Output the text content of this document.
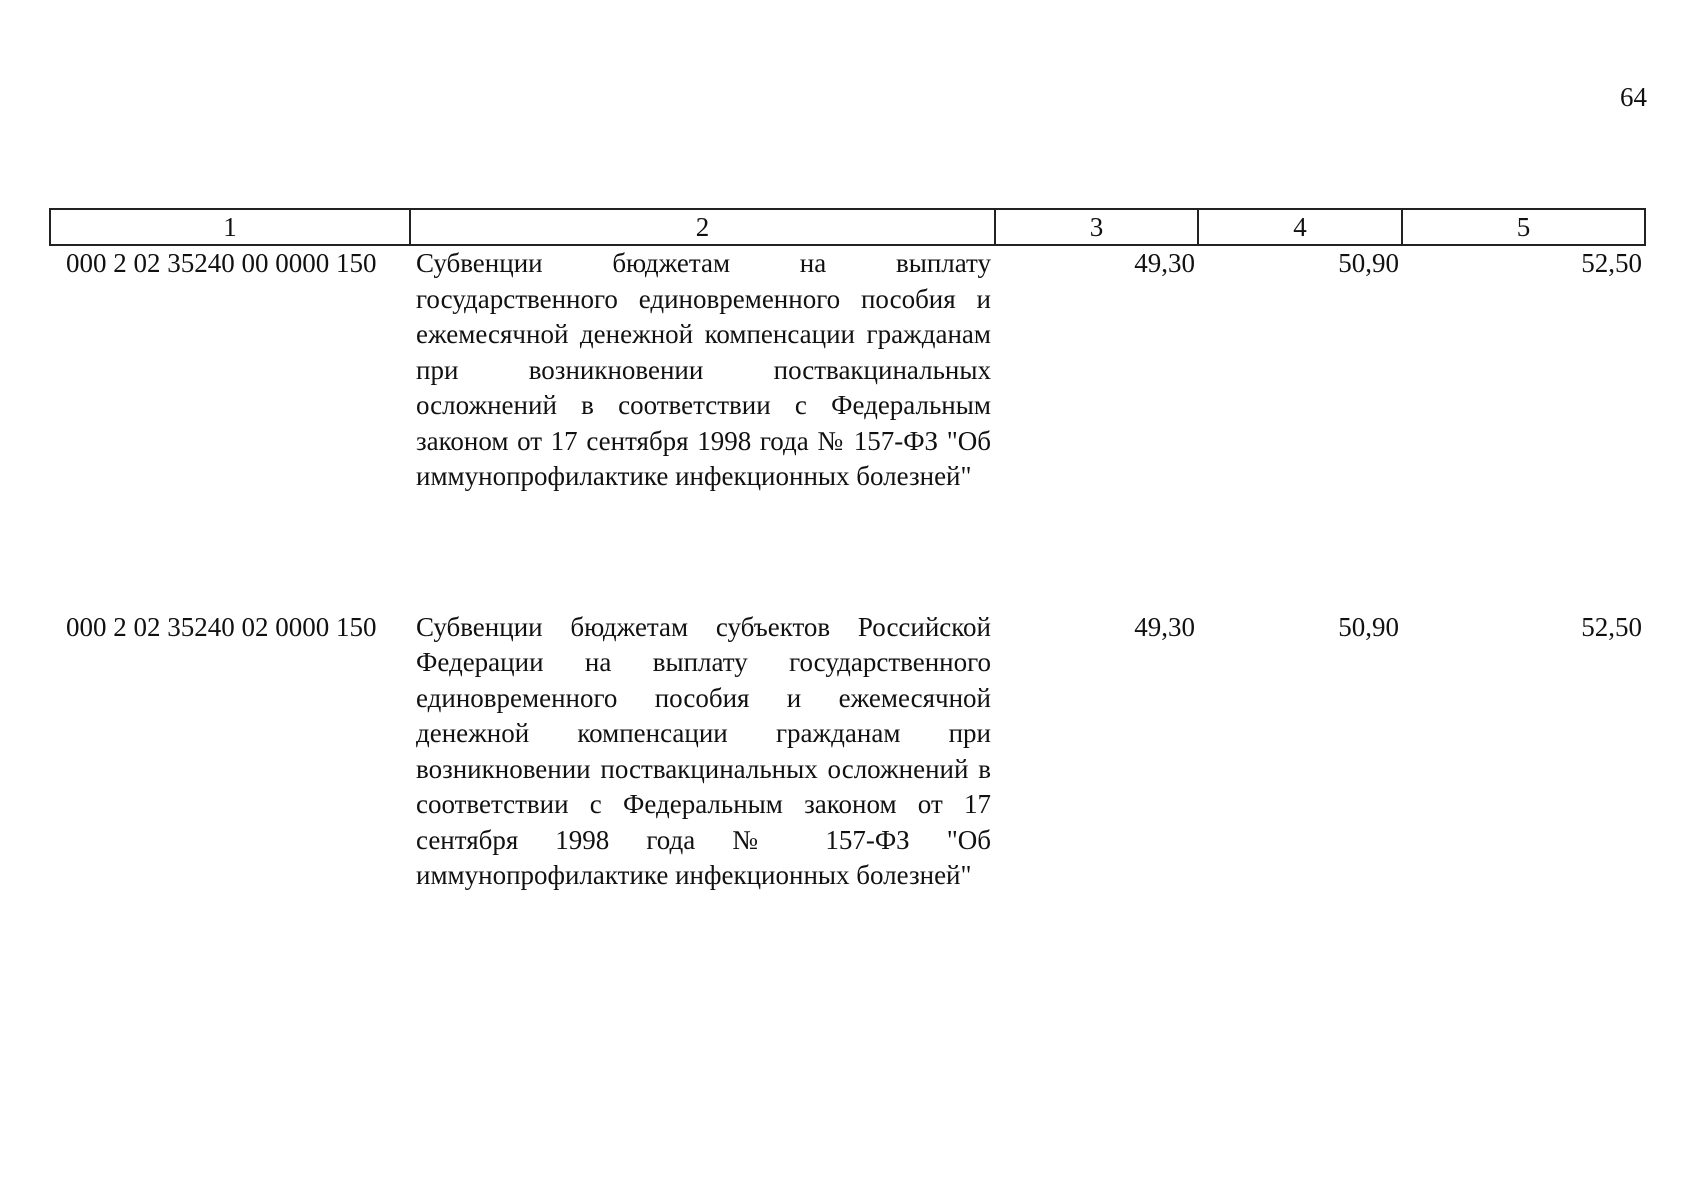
64
1	2	3	4	5
000 2 02 35240 00 0000 150	Субвенции бюджетам на выплату государственного единовременного пособия и ежемесячной денежной компенсации гражданам при возникновении поствакцинальных осложнений в соответствии с Федеральным законом от 17 сентября 1998 года № 157-ФЗ "Об иммунопрофилактике инфекционных болезней"	49,30	50,90	52,50
000 2 02 35240 02 0000 150	Субвенции бюджетам субъектов Российской Федерации на выплату государственного единовременного пособия и ежемесячной денежной компенсации гражданам при возникновении поствакцинальных осложнений в соответствии с Федеральным законом от 17 сентября 1998 года № 157-ФЗ "Об иммунопрофилактике инфекционных болезней"	49,30	50,90	52,50
